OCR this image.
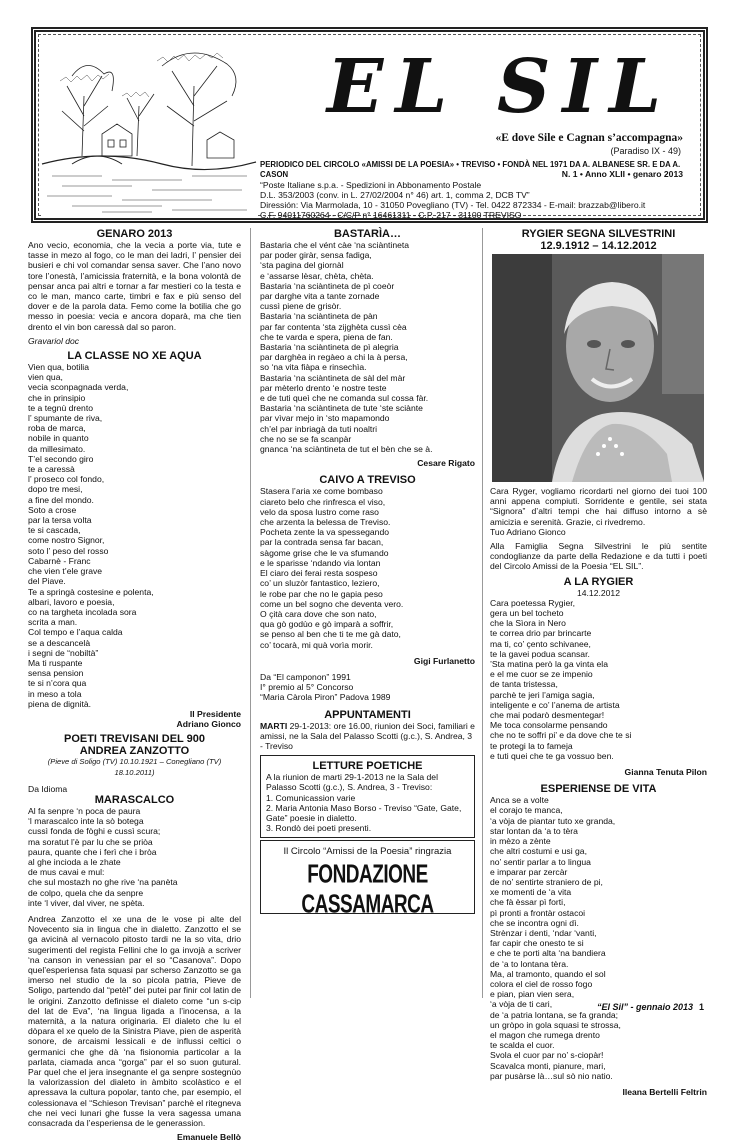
EL SIL
«E dove Sile e Cagnan s’accompagna»
(Paradiso IX - 49)
PERIODICO DEL CIRCOLO «AMISSI DE LA POESIA» • TREVISO • FONDÀ NEL 1971 DA A. ALBANESE SR. E DA A. CASON
“Poste Italiane s.p.a. - Spedizioni in Abbonamento Postale
D.L. 353/2003 (conv. in L. 27/02/2004 n° 46) art. 1, comma 2, DCB TV”
Diressión: Via Marmolada, 10 - 31050 Povegliano (TV) - Tel. 0422 872334 - E-mail: brazzab@libero.it
C.F. 94011760264 - C/C/P n° 16461311 - C.P. 217 - 31100 TREVISO
N. 1 • Anno XLII • genaro 2013
GENARO 2013
Ano vecio, economia, che la vecia a porte via, tute e tasse in mezo al fogo, co le man dei ladri, l’ pensier dei busieri e chi vol comandar sensa saver. Che l’ano novo tore l’onestà, l’amicissia fraternità, e la bona volontà de pensar anca pai altri e tornar a far mestieri co la testa e co le man, manco carte, timbri e fax e più senso del dover e de la parola data. Femo come la botilia che go messo in poesia: vecia e ancora doparà, ma che tien drento el vin bon caressà dal so paron.
Gravariol doc
LA CLASSE NO XE AQUA
Vien qua, botilia
vien qua,
vecia sconpagnada verda,
che in prinsipio
te a tegnù drento
l’ spumante de riva,
roba de marca,
nobile in quanto
da millesimato.
T’el secondo giro
te a caressà
l’ proseco col fondo,
dopo tre mesi,
a fine del mondo.
Soto a crose
par la tersa volta
te si cascada,
come nostro Signor,
soto l’ peso del rosso
Cabarnè - Franc
che vien t’ele grave
del Piave.
Te a springà costesine e polenta,
albari, lavoro e poesia,
co na targheta incolada sora
scrita a man.
Col tempo e l’aqua calda
se a descancelà
i segni de “nobiltà”
Ma ti ruspante
sensa pension
te si n’cora qua
in meso a tola
piena de dignità.
Il Presidente
Adriano Gionco
POETI TREVISANI DEL 900
ANDREA ZANZOTTO
(Pieve di Soligo (TV) 10.10.1921 – Conegliano (TV) 18.10.2011)
Da Idioma
MARASCALCO
Al fa senpre ‘n poca de paura
‘l marascalco inte la sò botega
cussì fonda de fòghi e cussì scura;
ma soratut l’è par lu che se priòa
paura, quante che i ferì che i bròa
al ghe incioda a le zhate
de mus cavai e mul:
che sul mostazh no ghe rive ‘na panèta
de colpo, quela che da senpre
inte ‘l viver, dal viver, ne spèta.
Andrea Zanzotto el xe una de le vose pi alte del Novecento sia in lingua che in dialetto. Zanzotto el se ga avicinà al vernacolo pitosto tardi ne la so vita, drio sugerimenti del regista Fellini che lo ga invojà a scriver ‘na canson in venessian par el so “Casanova”. Dopo quel’esperiensa fata squasi par scherso Zanzotto se ga imerso nel studio de la so picola patria, Pieve de Soligo, partendo dal “petèl” dei putei par finir col latin de le origini. Zanzotto definisse el dialeto come “un s-cip del lat de Eva”, ‘na lingua ligada a l’inocensa, a la maternità, a la natura originaria. El dialeto che lu el dòpara el xe quelo de la Sinistra Piave, pien de asperità sonore, de arcaismi lessicali e de influssi celtici o germanici che ghe dà ‘na fisionomia particolar a la parlata, ciamada anca “gorga” par el so suon gutural. Par quel che el jera insegnante el ga senpre sostegnùo la valorizassion del dialeto in àmbito scolàstico e el apressava la cultura popolar, tanto che, par esempio, el colessionava el “Schieson Trevisan” parchè el ritegneva che nei veci lunari ghe fusse la vera sagessa umana consacrada da l’esperiensa de le generassion.
Emanuele Bellò
BASTARÌA…
Bastaria che el vént càe ‘na sciàntineta
par poder giràr, sensa fadiga,
‘sta pagina del giornàl
e ‘assarse lèsar, chèta, chèta.
Bastaria ‘na sciàntineta de pì coeòr
par darghe vita a tante zornade
cussì piene de grisòr.
Bastaria ‘na sciàntineta de pàn
par far contenta ‘sta zijghèta cussì cèa
che te varda e spera, piena de fan.
Bastaria ‘na sciàntineta de pì alegria
par darghèa in regàeo a chi la à persa,
so ‘na vita fiàpa e rinsechìa.
Bastaria ‘na sciàntineta de sàl del màr
par mèterlo drento ‘e nostre teste
e de tuti queì che ne comanda sul cossa fàr.
Bastaria ‘na sciàntineta de tute ‘ste sciànte
par vìvar mejo in ‘sto mapamondo
ch’el par inbriagà da tuti noaltri
che no se se fa scanpàr
gnanca ‘na sciàntineta de tut el bèn che se à.
Cesare Rigato
CAIVO A TREVISO
Stasera l’aria xe come bombaso
ciareto belo che rinfresca el viso,
velo da sposa lustro come raso
che arzenta la belessa de Treviso.
Pocheta zente la va spessegando
par la contrada sensa far bacan,
sàgome grise che le va sfumando
e le sparisse ‘ndando via lontan
El ciaro dei ferai resta sospeso
co’ un sluzòr fantastico, leziero,
le robe par che no le gapia peso
come un bel sogno che deventa vero.
O çità cara dove che son nato,
qua gò godùo e gò imparà a soffrir,
se penso al ben che ti te me gà dato,
co’ tocarà, mi quà vorìa morir.
Gigi Furlanetto
Da “El camponon” 1991
I° premio al 5° Concorso
“Maria Càrola Piron” Padova 1989
APPUNTAMENTI
MARTI 29-1-2013: ore 16.00, riunion dei Soci, familiari e amissi, ne la Sala del Palasso Scotti (g.c.), S. Andrea, 3 - Treviso
LETTURE POETICHE
A la riunion de marti 29-1-2013 ne la Sala del Palasso Scotti (g.c.), S. Andrea, 3 - Treviso:
1. Comunicassion varie
2. Maria Antonia Maso Borso - Treviso “Gate, Gate, Gate” poesie in dialetto.
3. Rondò dei poeti presenti.
Il Circolo “Amissi de la Poesia” ringrazia
FONDAZIONE CASSAMARCA
RYGIER SEGNA SILVESTRINI
12.9.1912 – 14.12.2012
Cara Ryger, vogliamo ricordarti nel giorno dei tuoi 100 anni appena compiuti. Sorridente e gentile, sei stata “Signora” d’altri tempi che hai diffuso intorno a sè amicizia e serenità. Grazie, ci rivedremo.
Tuo Adriano Gionco
Alla Famiglia Segna Silvestrini le più sentite condoglianze da parte della Redazione e da tutti i poeti del Circolo Amissi de la Poesia “EL SIL”.
A LA RYGIER
14.12.2012
Cara poetessa Rygier,
gera un bel tocheto
che la Sìora in Nero
te correa drio par brincarte
ma ti, co’ çento schivanee,
te la gavei podua scansar.
’Sta matina però la ga vinta ela
e el me cuor se ze impenio
de tanta tristessa,
parchè te jeri l’amiga sagia,
inteligente e co’ l’anema de artista
che mai podarò desmentegar!
Me toca consolarme pensando
che no te soffri pi’ e da dove che te si
te protegi la to fameja
e tuti quei che te ga vossuo ben.
Gianna Tenuta Pilon
ESPERIENSE DE VITA
Anca se a volte
el corajo te manca,
‘a vòja de piantar tuto xe granda,
star lontan da ‘a to tèra
in mèzo a zènte
che altri costumi e usi ga,
no’ sentir parlar a to lingua
e imparar par zercàr
de no’ sentirte straniero de pi,
xe momenti de ‘a vita
che fà èssar pì forti,
pì pronti a frontàr ostacoi
che se incontra ogni dì.
Strènzar i denti, ‘ndar ‘vanti,
far capir che onesto te si
e che te porti alta ‘na bandiera
de ‘a to lontana tèra.
Ma, al tramonto, quando el sol
colora el ciel de rosso fogo
e pian, pian vien sera,
‘a vòja de ti cari,
de ‘a patria lontana, se fa granda;
un gròpo in gola squasi te strossa,
el magon che rumega drento
te scalda el cuor.
Svola el cuor par no’ s-ciopàr!
Scavalca monti, pianure, mari,
par pusàrse là…sul sò nio natio.
Ileana Bertelli Feltrin
“El Sil” - gennaio 2013 1
